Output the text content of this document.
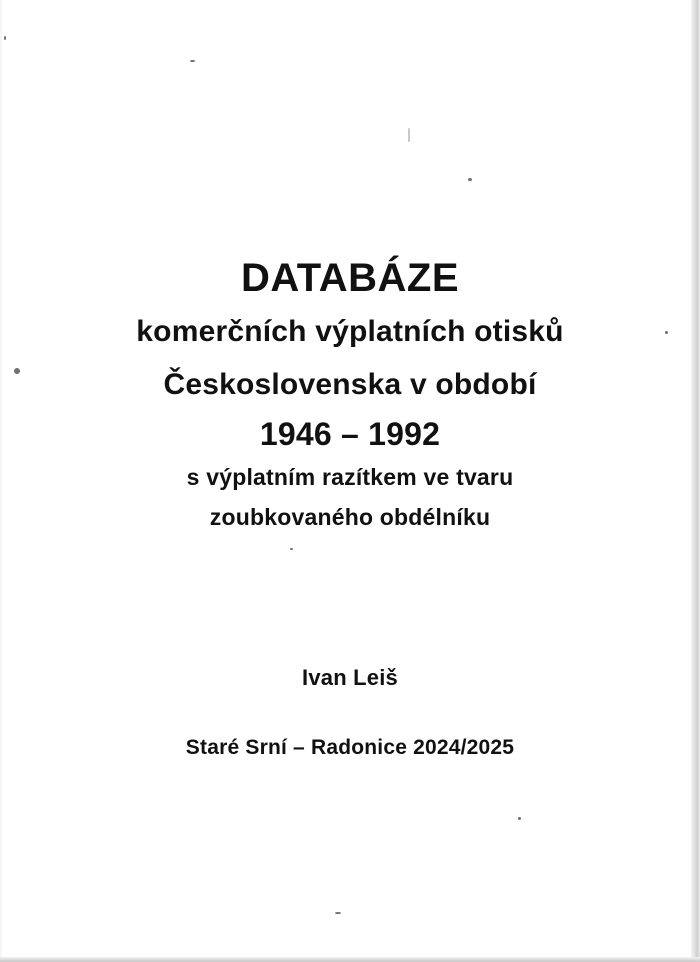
DATABÁZE
komerčních výplatních otisků
Československa v období
1946 – 1992
s výplatním razítkem ve tvaru
zoubkovaného obdélníku
Ivan Leiš
Staré Srní – Radonice 2024/2025
